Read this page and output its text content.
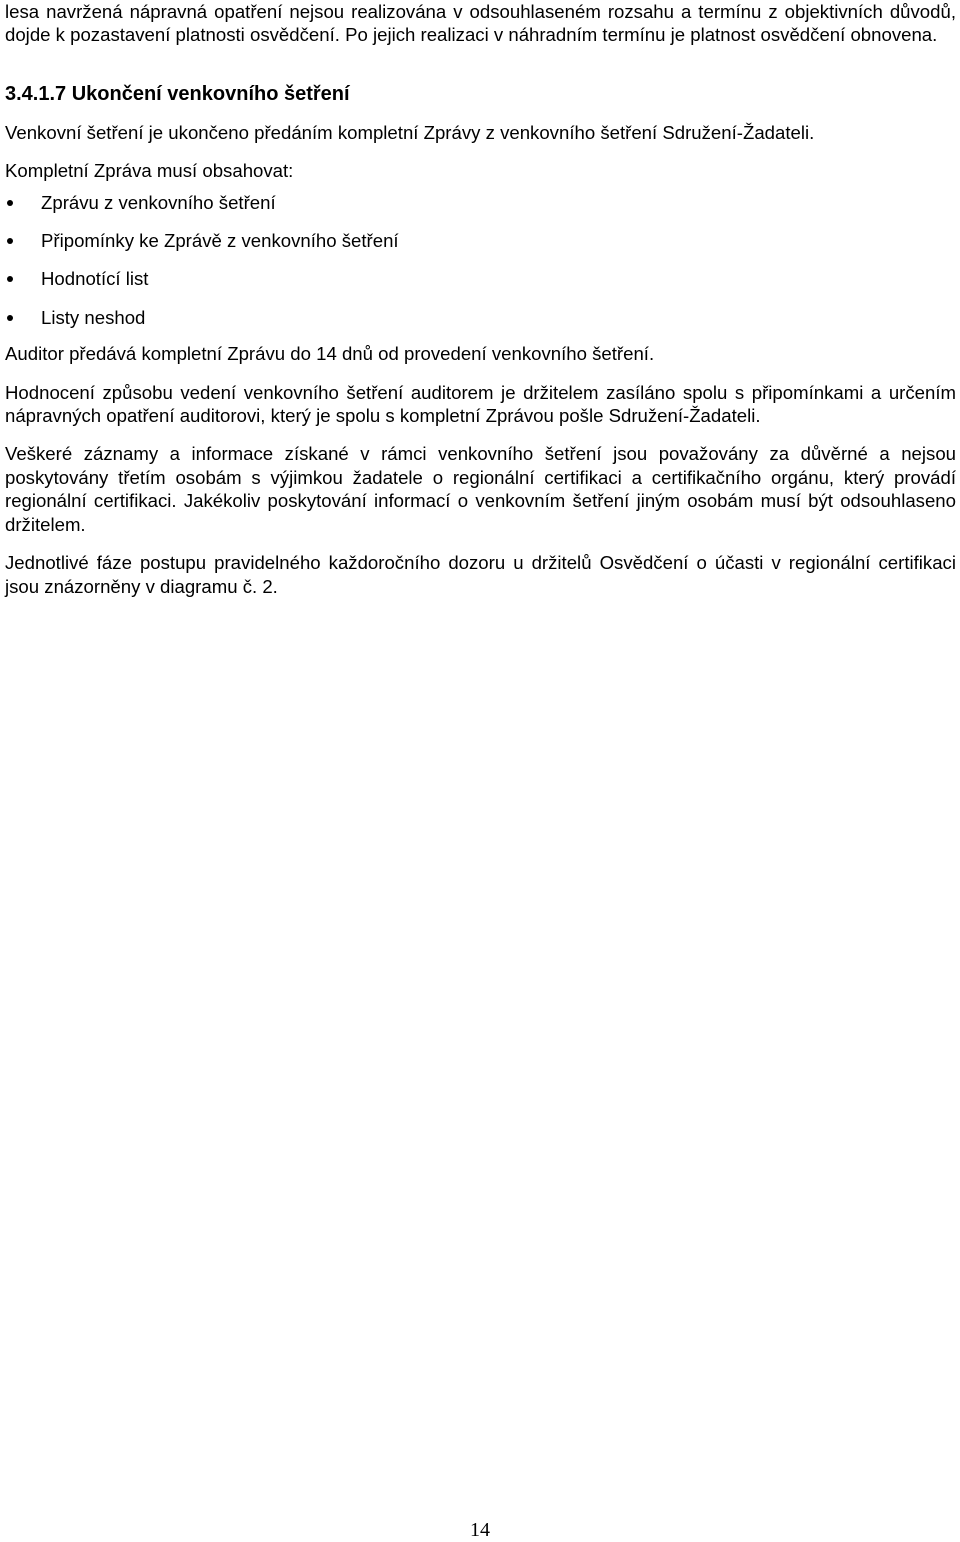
lesa navržená nápravná opatření nejsou realizována v odsouhlaseném rozsahu a termínu z objektivních důvodů, dojde k pozastavení platnosti osvědčení. Po jejich realizaci v náhradním termínu je platnost osvědčení obnovena.

3.4.1.7 Ukončení venkovního šetření

Venkovní šetření je ukončeno předáním kompletní Zprávy z venkovního šetření Sdružení-Žadateli.

Kompletní Zpráva musí obsahovat:

Zprávu z venkovního šetření
Připomínky ke Zprávě z venkovního šetření
Hodnotící list
Listy neshod

Auditor předává kompletní Zprávu do 14 dnů od provedení venkovního šetření.

Hodnocení způsobu vedení venkovního šetření auditorem je držitelem zasíláno spolu s připomínkami a určením nápravných opatření auditorovi, který je spolu s kompletní Zprávou pošle Sdružení-Žadateli.

Veškeré záznamy a informace získané v rámci venkovního šetření jsou považovány za důvěrné a nejsou poskytovány třetím osobám s výjimkou žadatele o regionální certifikaci a certifikačního orgánu, který provádí regionální certifikaci. Jakékoliv poskytování informací o venkovním šetření jiným osobám musí být odsouhlaseno držitelem.

Jednotlivé fáze postupu pravidelného každoročního dozoru u držitelů Osvědčení o účasti v regionální certifikaci jsou znázorněny v diagramu č. 2.

14
